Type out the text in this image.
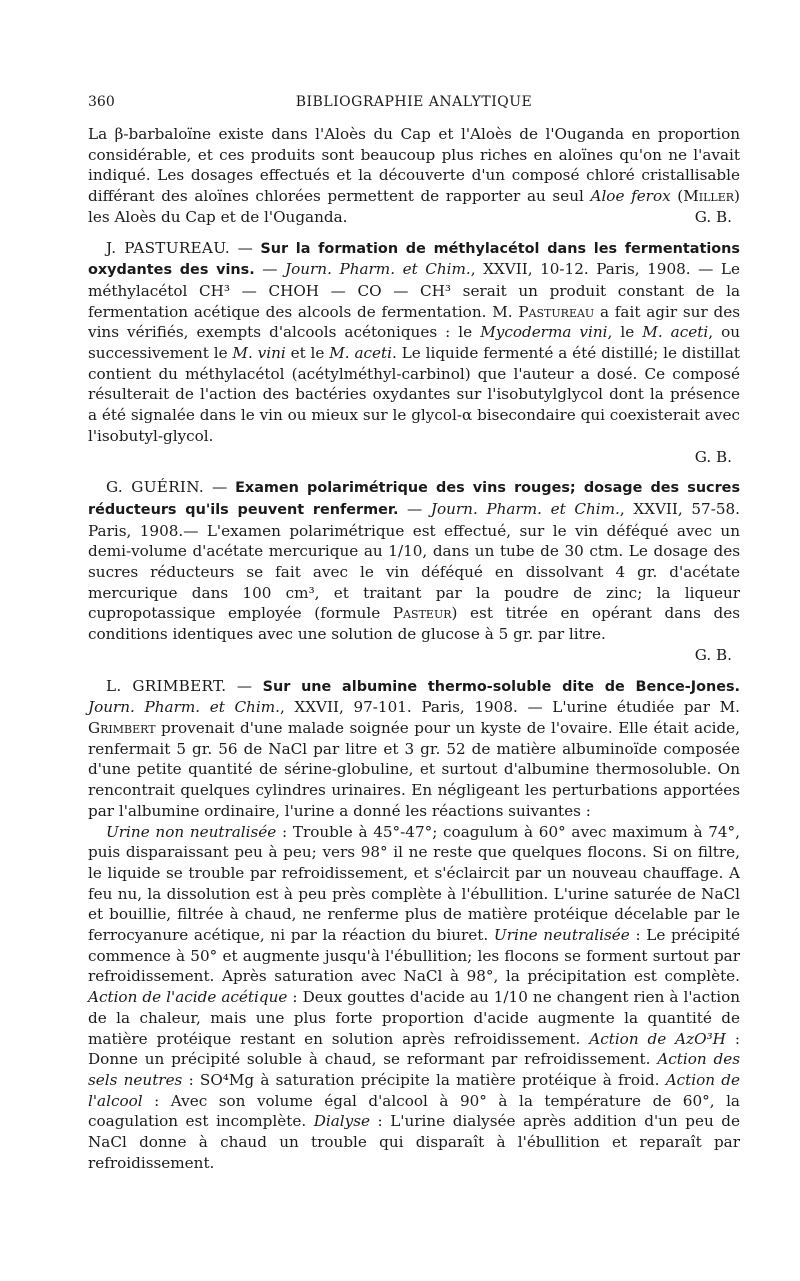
360	BIBLIOGRAPHIE ANALYTIQUE

La β-barbaloïne existe dans l'Aloès du Cap et l'Aloès de l'Ouganda en proportion considérable, et ces produits sont beaucoup plus riches en aloïnes qu'on ne l'avait indiqué. Les dosages effectués et la découverte d'un composé chloré cristallisable différant des aloïnes chlorées permettent de rapporter au seul Aloe ferox (Miller) les Aloès du Cap et de l'Ouganda.	G. B.

J. PASTUREAU. — Sur la formation de méthylacétol dans les fermentations oxydantes des vins. — Journ. Pharm. et Chim., XXVII, 10-12. Paris, 1908. — Le méthylacétol CH³ — CHOH — CO — CH³ serait un produit constant de la fermentation acétique des alcools de fermentation. M. Pastureau a fait agir sur des vins vérifiés, exempts d'alcools acétoniques : le Mycoderma vini, le M. aceti, ou successivement le M. vini et le M. aceti. Le liquide fermenté a été distillé; le distillat contient du méthylacétol (acétylméthyl-carbinol) que l'auteur a dosé. Ce composé résulterait de l'action des bactéries oxydantes sur l'isobutylglycol dont la présence a été signalée dans le vin ou mieux sur le glycol-α bisecondaire qui coexisterait avec l'isobutyl-glycol.

G. B.

G. GUÉRIN. — Examen polarimétrique des vins rouges; dosage des sucres réducteurs qu'ils peuvent renfermer. — Journ. Pharm. et Chim., XXVII, 57-58. Paris, 1908.— L'examen polarimétrique est effectué, sur le vin déféqué avec un demi-volume d'acétate mercurique au 1/10, dans un tube de 30 ctm. Le dosage des sucres réducteurs se fait avec le vin déféqué en dissolvant 4 gr. d'acétate mercurique dans 100 cm³, et traitant par la poudre de zinc; la liqueur cupropotassique employée (formule Pasteur) est titrée en opérant dans des conditions identiques avec une solution de glucose à 5 gr. par litre.

G. B.

L. GRIMBERT. — Sur une albumine thermo-soluble dite de Bence-Jones. Journ. Pharm. et Chim., XXVII, 97-101. Paris, 1908. — L'urine étudiée par M. Grimbert provenait d'une malade soignée pour un kyste de l'ovaire. Elle était acide, renfermait 5 gr. 56 de NaCl par litre et 3 gr. 52 de matière albuminoïde composée d'une petite quantité de sérine-globuline, et surtout d'albumine thermosoluble. On rencontrait quelques cylindres urinaires. En négligeant les perturbations apportées par l'albumine ordinaire, l'urine a donné les réactions suivantes :

Urine non neutralisée : Trouble à 45°-47°; coagulum à 60° avec maximum à 74°, puis disparaissant peu à peu; vers 98° il ne reste que quelques flocons. Si on filtre, le liquide se trouble par refroidissement, et s'éclaircit par un nouveau chauffage. A feu nu, la dissolution est à peu près complète à l'ébullition. L'urine saturée de NaCl et bouillie, filtrée à chaud, ne renferme plus de matière protéique décelable par le ferrocyanure acétique, ni par la réaction du biuret. Urine neutralisée : Le précipité commence à 50° et augmente jusqu'à l'ébullition; les flocons se forment surtout par refroidissement. Après saturation avec NaCl à 98°, la précipitation est complète. Action de l'acide acétique : Deux gouttes d'acide au 1/10 ne changent rien à l'action de la chaleur, mais une plus forte proportion d'acide augmente la quantité de matière protéique restant en solution après refroidissement. Action de AzO³H : Donne un précipité soluble à chaud, se reformant par refroidissement. Action des sels neutres : SO⁴Mg à saturation précipite la matière protéique à froid. Action de l'alcool : Avec son volume égal d'alcool à 90° à la température de 60°, la coagulation est incomplète. Dialyse : L'urine dialysée après addition d'un peu de NaCl donne à chaud un trouble qui disparaît à l'ébullition et reparaît par refroidissement.
